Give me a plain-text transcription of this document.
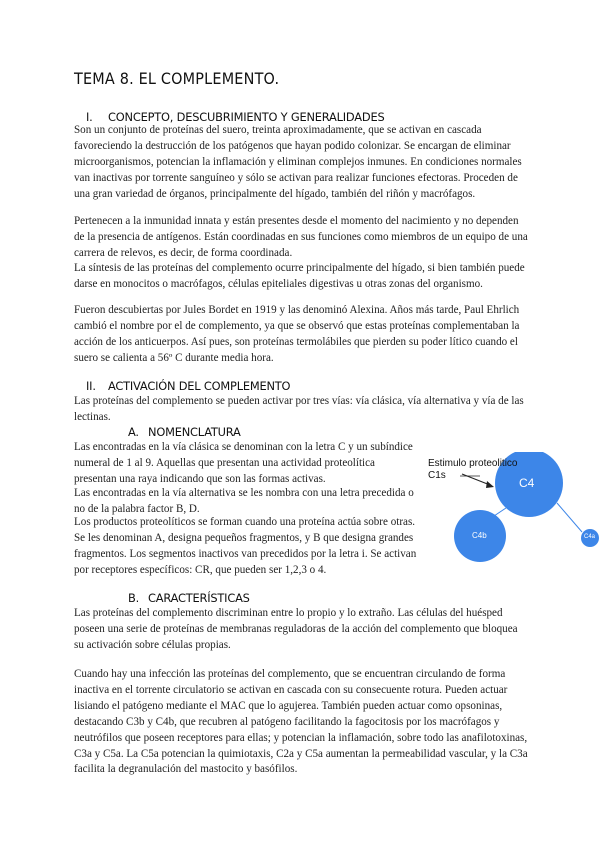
TEMA 8. EL COMPLEMENTO.
I. CONCEPTO, DESCUBRIMIENTO Y GENERALIDADES

Son un conjunto de proteínas del suero, treinta aproximadamente, que se activan en cascada favoreciendo la destrucción de los patógenos que hayan podido colonizar. Se encargan de eliminar microorganismos, potencian la inflamación y eliminan complejos inmunes. En condiciones normales van inactivas por torrente sanguíneo y sólo se activan para realizar funciones efectoras. Proceden de una gran variedad de órganos, principalmente del hígado, también del riñón y macrófagos.

Pertenecen a la inmunidad innata y están presentes desde el momento del nacimiento y no dependen de la presencia de antígenos. Están coordinadas en sus funciones como miembros de un equipo de una carrera de relevos, es decir, de forma coordinada.

La síntesis de las proteínas del complemento ocurre principalmente del hígado, si bien también puede darse en monocitos o macrófagos, células epiteliales digestivas u otras zonas del organismo.

Fueron descubiertas por Jules Bordet en 1919 y las denominó Alexina. Años más tarde, Paul Ehrlich cambió el nombre por el de complemento, ya que se observó que estas proteínas complementaban la acción de los anticuerpos. Así pues, son proteínas termolábiles que pierden su poder lítico cuando el suero se calienta a 56º C durante media hora.

II. ACTIVACIÓN DEL COMPLEMENTO

Las proteínas del complemento se pueden activar por tres vías: vía clásica, vía alternativa y vía de las lectinas.

A. NOMENCLATURA

Las encontradas en la vía clásica se denominan con la letra C y un subíndice numeral de 1 al 9. Aquellas que presentan una actividad proteolítica presentan una raya indicando que son las formas activas.

Las encontradas en la vía alternativa se les nombra con una letra precedida o no de la palabra factor B, D.

Los productos proteolíticos se forman cuando una proteína actúa sobre otras. Se les denominan A, designa pequeños fragmentos, y B que designa grandes fragmentos. Los segmentos inactivos van precedidos por la letra i. Se activan por receptores específicos: CR, que pueden ser 1,2,3 o 4.

Estimulo proteolitico
C1s
C4
C4b	C4a
B. CARACTERÍSTICAS

Las proteínas del complemento discriminan entre lo propio y lo extraño. Las células del huésped poseen una serie de proteínas de membranas reguladoras de la acción del complemento que bloquea su activación sobre células propias.

Cuando hay una infección las proteínas del complemento, que se encuentran circulando de forma inactiva en el torrente circulatorio se activan en cascada con su consecuente rotura. Pueden actuar lisiando el patógeno mediante el MAC que lo agujerea. También pueden actuar como opsoninas, destacando C3b y C4b, que recubren al patógeno facilitando la fagocitosis por los macrófagos y neutrófilos que poseen receptores para ellas; y potencian la inflamación, sobre todo las anafilotoxinas, C3a y C5a. La C5a potencian la quimiotaxis, C2a y C5a aumentan la permeabilidad vascular, y la C3a facilita la degranulación del mastocito y basófilos.
